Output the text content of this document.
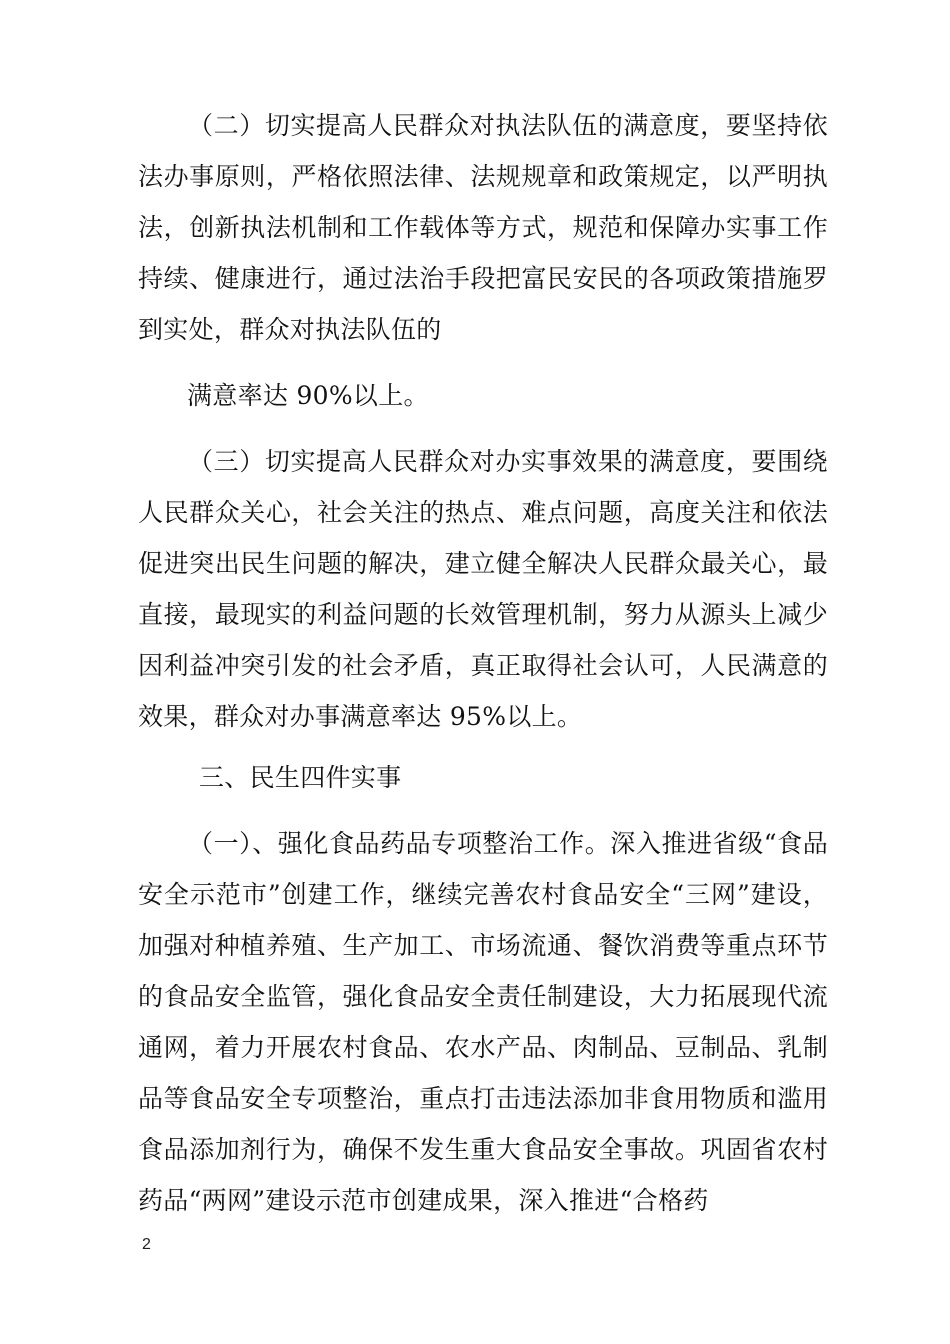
（二）切实提高人民群众对执法队伍的满意度，要坚持依法办事原则，严格依照法律、法规规章和政策规定，以严明执法，创新执法机制和工作载体等方式，规范和保障办实事工作持续、健康进行，通过法治手段把富民安民的各项政策措施罗到实处，群众对执法队伍的

满意率达 90%以上。

（三）切实提高人民群众对办实事效果的满意度，要围绕人民群众关心，社会关注的热点、难点问题，高度关注和依法促进突出民生问题的解决，建立健全解决人民群众最关心，最直接，最现实的利益问题的长效管理机制，努力从源头上减少因利益冲突引发的社会矛盾，真正取得社会认可，人民满意的效果，群众对办事满意率达 95%以上。

三、民生四件实事

（一）、强化食品药品专项整治工作。深入推进省级“食品安全示范市”创建工作，继续完善农村食品安全“三网”建设，加强对种植养殖、生产加工、市场流通、餐饮消费等重点环节的食品安全监管，强化食品安全责任制建设，大力拓展现代流通网，着力开展农村食品、农水产品、肉制品、豆制品、乳制品等食品安全专项整治，重点打击违法添加非食用物质和滥用食品添加剂行为，确保不发生重大食品安全事故。巩固省农村药品“两网”建设示范市创建成果，深入推进“合格药

2
